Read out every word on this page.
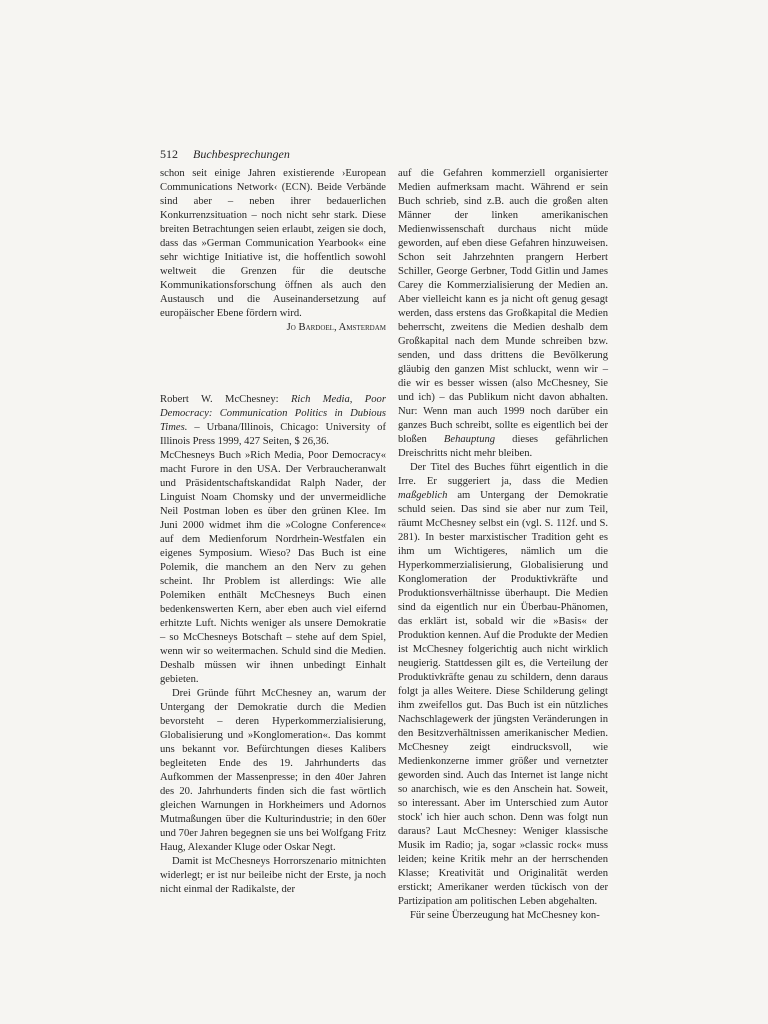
512 Buchbesprechungen

schon seit einige Jahren existierende ›European Communications Network‹ (ECN). Beide Verbände sind aber – neben ihrer bedauerlichen Konkurrenzsituation – noch nicht sehr stark. Diese breiten Betrachtungen seien erlaubt, zeigen sie doch, dass das »German Communication Yearbook« eine sehr wichtige Initiative ist, die hoffentlich sowohl weltweit die Grenzen für die deutsche Kommunikationsforschung öffnen als auch den Austausch und die Auseinandersetzung auf europäischer Ebene fördern wird.

Jo Bardoel, Amsterdam

Robert W. McChesney: Rich Media, Poor Democracy: Communication Politics in Dubious Times. – Urbana/Illinois, Chicago: University of Illinois Press 1999, 427 Seiten, $ 26,36.

McChesneys Buch »Rich Media, Poor Democracy« macht Furore in den USA. Der Verbraucheranwalt und Präsidentschaftskandidat Ralph Nader, der Linguist Noam Chomsky und der unvermeidliche Neil Postman loben es über den grünen Klee. Im Juni 2000 widmet ihm die »Cologne Conference« auf dem Medienforum Nordrhein-Westfalen ein eigenes Symposium. Wieso? Das Buch ist eine Polemik, die manchem an den Nerv zu gehen scheint. Ihr Problem ist allerdings: Wie alle Polemiken enthält McChesneys Buch einen bedenkenswerten Kern, aber eben auch viel eifernd erhitzte Luft. Nichts weniger als unsere Demokratie – so McChesneys Botschaft – stehe auf dem Spiel, wenn wir so weitermachen. Schuld sind die Medien. Deshalb müssen wir ihnen unbedingt Einhalt gebieten.

Drei Gründe führt McChesney an, warum der Untergang der Demokratie durch die Medien bevorsteht – deren Hyperkommerzialisierung, Globalisierung und »Konglomeration«. Das kommt uns bekannt vor. Befürchtungen dieses Kalibers begleiteten Ende des 19. Jahrhunderts das Aufkommen der Massenpresse; in den 40er Jahren des 20. Jahrhunderts finden sich die fast wörtlich gleichen Warnungen in Horkheimers und Adornos Mutmaßungen über die Kulturindustrie; in den 60er und 70er Jahren begegnen sie uns bei Wolfgang Fritz Haug, Alexander Kluge oder Oskar Negt.

Damit ist McChesneys Horrorszenario mitnichten widerlegt; er ist nur beileibe nicht der Erste, ja noch nicht einmal der Radikalste, der

auf die Gefahren kommerziell organisierter Medien aufmerksam macht. Während er sein Buch schrieb, sind z.B. auch die großen alten Männer der linken amerikanischen Medienwissenschaft durchaus nicht müde geworden, auf eben diese Gefahren hinzuweisen. Schon seit Jahrzehnten prangern Herbert Schiller, George Gerbner, Todd Gitlin und James Carey die Kommerzialisierung der Medien an. Aber vielleicht kann es ja nicht oft genug gesagt werden, dass erstens das Großkapital die Medien beherrscht, zweitens die Medien deshalb dem Großkapital nach dem Munde schreiben bzw. senden, und dass drittens die Bevölkerung gläubig den ganzen Mist schluckt, wenn wir – die wir es besser wissen (also McChesney, Sie und ich) – das Publikum nicht davon abhalten. Nur: Wenn man auch 1999 noch darüber ein ganzes Buch schreibt, sollte es eigentlich bei der bloßen Behauptung dieses gefährlichen Dreischritts nicht mehr bleiben.

Der Titel des Buches führt eigentlich in die Irre. Er suggeriert ja, dass die Medien maßgeblich am Untergang der Demokratie schuld seien. Das sind sie aber nur zum Teil, räumt McChesney selbst ein (vgl. S. 112f. und S. 281). In bester marxistischer Tradition geht es ihm um Wichtigeres, nämlich um die Hyperkommerzialisierung, Globalisierung und Konglomeration der Produktivkräfte und Produktionsverhältnisse überhaupt. Die Medien sind da eigentlich nur ein Überbau-Phänomen, das erklärt ist, sobald wir die »Basis« der Produktion kennen. Auf die Produkte der Medien ist McChesney folgerichtig auch nicht wirklich neugierig. Stattdessen gilt es, die Verteilung der Produktivkräfte genau zu schildern, denn daraus folgt ja alles Weitere. Diese Schilderung gelingt ihm zweifellos gut. Das Buch ist ein nützliches Nachschlagewerk der jüngsten Veränderungen in den Besitzverhältnissen amerikanischer Medien. McChesney zeigt eindrucksvoll, wie Medienkonzerne immer größer und vernetzter geworden sind. Auch das Internet ist lange nicht so anarchisch, wie es den Anschein hat. Soweit, so interessant. Aber im Unterschied zum Autor stock' ich hier auch schon. Denn was folgt nun daraus? Laut McChesney: Weniger klassische Musik im Radio; ja, sogar »classic rock« muss leiden; keine Kritik mehr an der herrschenden Klasse; Kreativität und Originalität werden erstickt; Amerikaner werden tückisch von der Partizipation am politischen Leben abgehalten.

Für seine Überzeugung hat McChesney kon-
